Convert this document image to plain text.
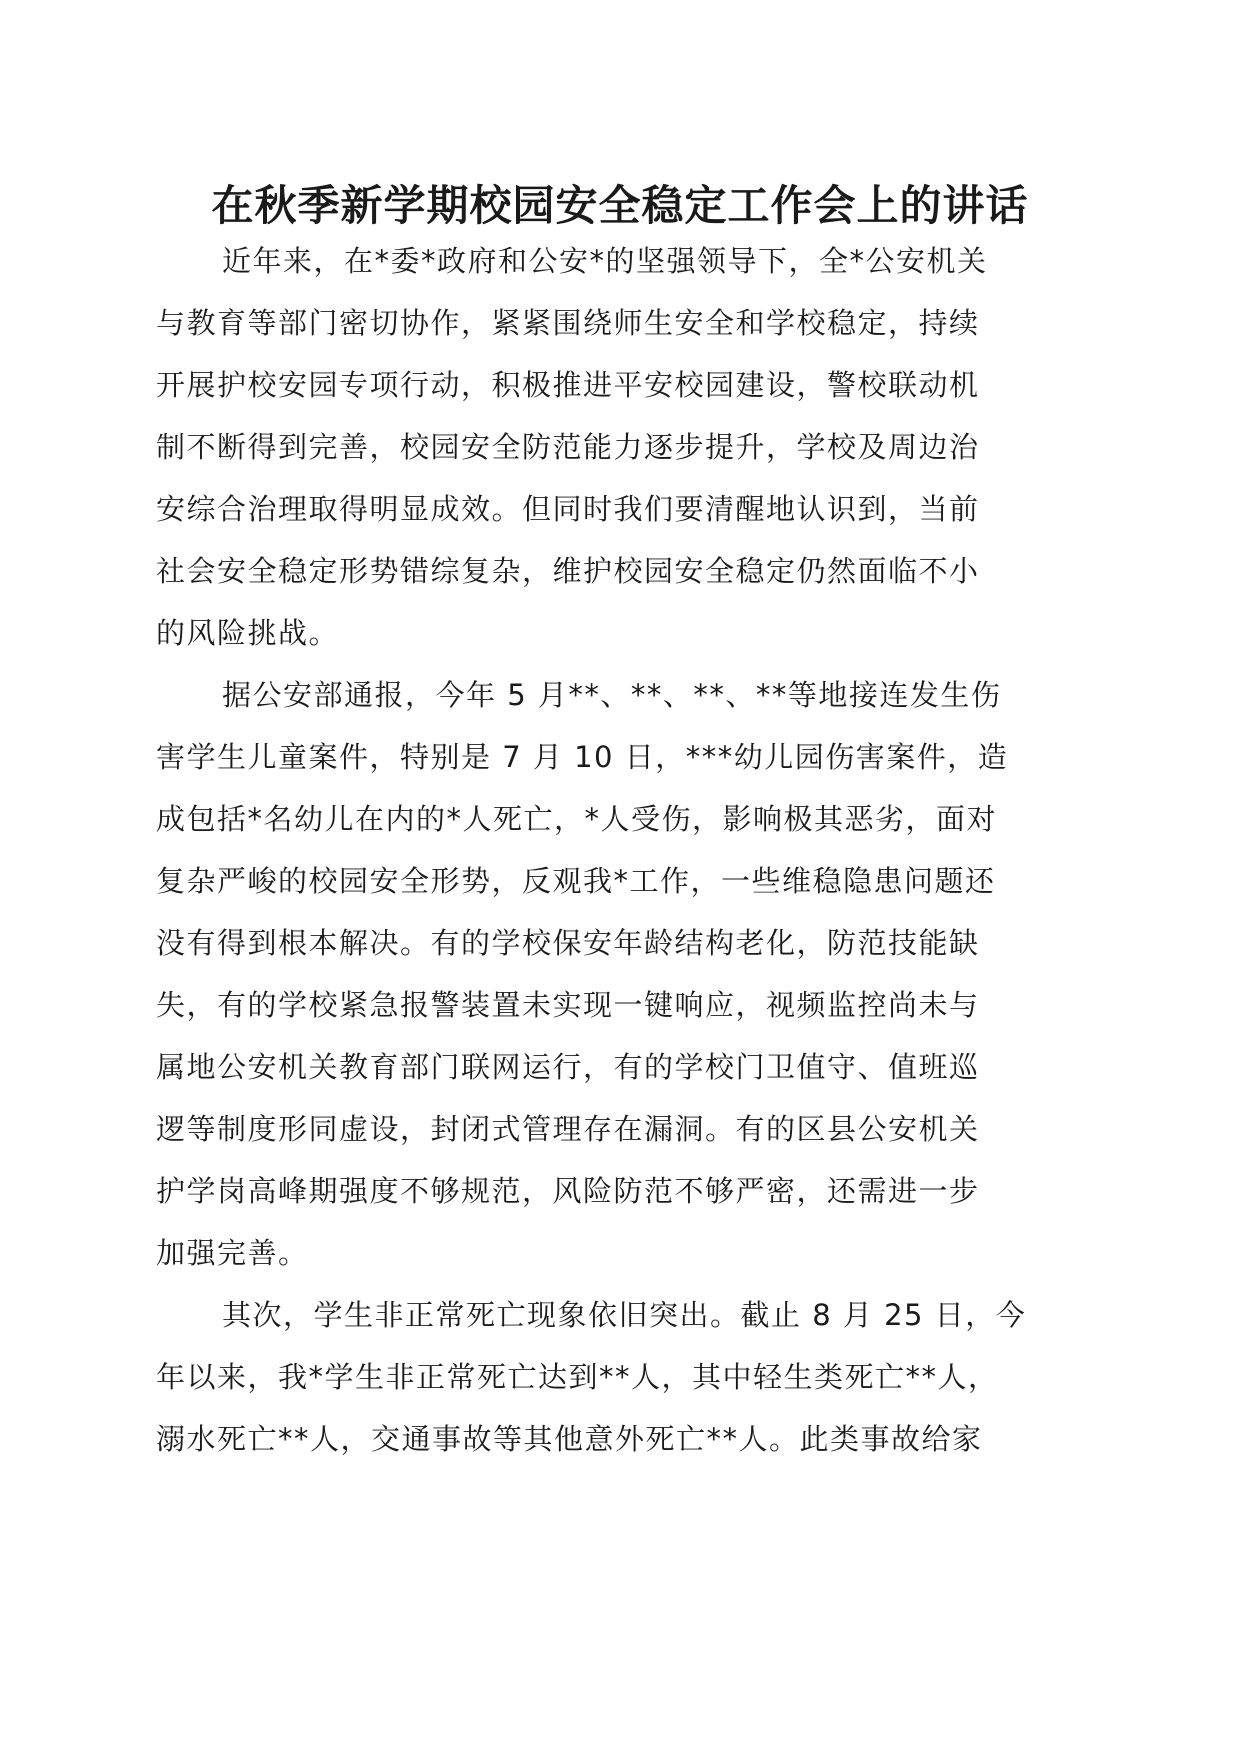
在秋季新学期校园安全稳定工作会上的讲话

近年来，在*委*政府和公安*的坚强领导下，全*公安机关
与教育等部门密切协作，紧紧围绕师生安全和学校稳定，持续
开展护校安园专项行动，积极推进平安校园建设，警校联动机
制不断得到完善，校园安全防范能力逐步提升，学校及周边治
安综合治理取得明显成效。但同时我们要清醒地认识到，当前
社会安全稳定形势错综复杂，维护校园安全稳定仍然面临不小
的风险挑战。

据公安部通报，今年 5 月**、**、**、**等地接连发生伤
害学生儿童案件，特别是 7 月 10 日，***幼儿园伤害案件，造
成包括*名幼儿在内的*人死亡，*人受伤，影响极其恶劣，面对
复杂严峻的校园安全形势，反观我*工作，一些维稳隐患问题还
没有得到根本解决。有的学校保安年龄结构老化，防范技能缺
失，有的学校紧急报警装置未实现一键响应，视频监控尚未与
属地公安机关教育部门联网运行，有的学校门卫值守、值班巡
逻等制度形同虚设，封闭式管理存在漏洞。有的区县公安机关
护学岗高峰期强度不够规范，风险防范不够严密，还需进一步
加强完善。

其次，学生非正常死亡现象依旧突出。截止 8 月 25 日，今
年以来，我*学生非正常死亡达到**人，其中轻生类死亡**人，
溺水死亡**人，交通事故等其他意外死亡**人。此类事故给家
